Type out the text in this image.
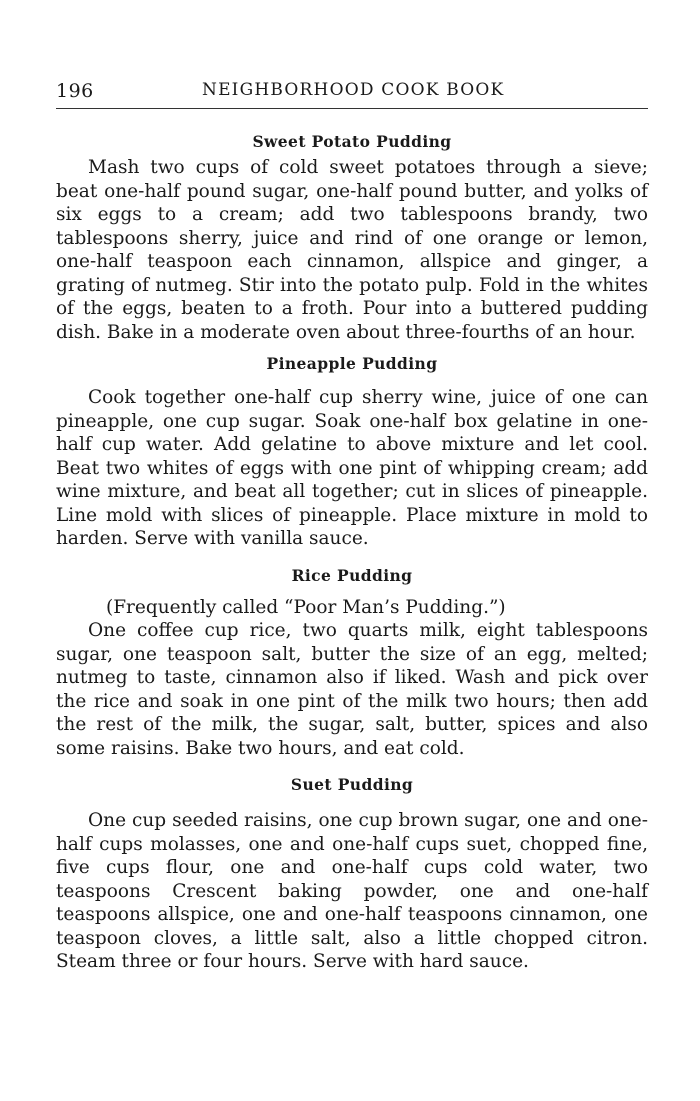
196	NEIGHBORHOOD COOK BOOK
Sweet Potato Pudding

Mash two cups of cold sweet potatoes through a sieve; beat one-half pound sugar, one-half pound butter, and yolks of six eggs to a cream; add two tablespoons brandy, two tablespoons sherry, juice and rind of one orange or lemon, one-half teaspoon each cinnamon, allspice and ginger, a grating of nutmeg. Stir into the potato pulp. Fold in the whites of the eggs, beaten to a froth. Pour into a buttered pudding dish. Bake in a moderate oven about three-fourths of an hour.

Pineapple Pudding

Cook together one-half cup sherry wine, juice of one can pineapple, one cup sugar. Soak one-half box gelatine in one-half cup water. Add gelatine to above mixture and let cool. Beat two whites of eggs with one pint of whipping cream; add wine mixture, and beat all together; cut in slices of pineapple. Line mold with slices of pineapple. Place mixture in mold to harden. Serve with vanilla sauce.

Rice Pudding

(Frequently called “Poor Man’s Pudding.”)

One coffee cup rice, two quarts milk, eight tablespoons sugar, one teaspoon salt, butter the size of an egg, melted; nutmeg to taste, cinnamon also if liked. Wash and pick over the rice and soak in one pint of the milk two hours; then add the rest of the milk, the sugar, salt, butter, spices and also some raisins. Bake two hours, and eat cold.

Suet Pudding

One cup seeded raisins, one cup brown sugar, one and one-half cups molasses, one and one-half cups suet, chopped fine, five cups flour, one and one-half cups cold water, two teaspoons Crescent baking powder, one and one-half teaspoons allspice, one and one-half teaspoons cinnamon, one teaspoon cloves, a little salt, also a little chopped citron. Steam three or four hours. Serve with hard sauce.
